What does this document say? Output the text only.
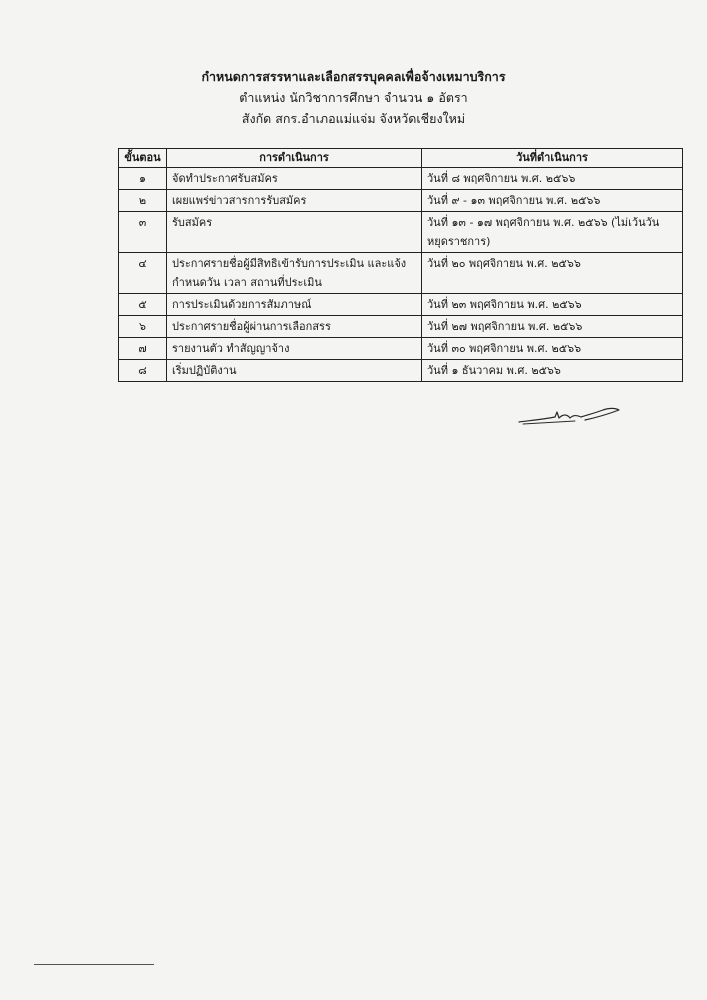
กำหนดการสรรหาและเลือกสรรบุคคลเพื่อจ้างเหมาบริการ
ตำแหน่ง นักวิชาการศึกษา จำนวน ๑ อัตรา
สังกัด สกร.อำเภอแม่แจ่ม จังหวัดเชียงใหม่
ขั้นตอน	การดำเนินการ	วันที่ดำเนินการ
๑	จัดทำประกาศรับสมัคร	วันที่ ๘ พฤศจิกายน พ.ศ. ๒๕๖๖
๒	เผยแพร่ข่าวสารการรับสมัคร	วันที่ ๙ - ๑๓ พฤศจิกายน พ.ศ. ๒๕๖๖
๓	รับสมัคร	วันที่ ๑๓ - ๑๗ พฤศจิกายน พ.ศ. ๒๕๖๖ (ไม่เว้นวันหยุดราชการ)
๔	ประกาศรายชื่อผู้มีสิทธิเข้ารับการประเมิน และแจ้งกำหนดวัน เวลา สถานที่ประเมิน	วันที่ ๒๐ พฤศจิกายน พ.ศ. ๒๕๖๖
๕	การประเมินด้วยการสัมภาษณ์	วันที่ ๒๓ พฤศจิกายน พ.ศ. ๒๕๖๖
๖	ประกาศรายชื่อผู้ผ่านการเลือกสรร	วันที่ ๒๗ พฤศจิกายน พ.ศ. ๒๕๖๖
๗	รายงานตัว ทำสัญญาจ้าง	วันที่ ๓๐ พฤศจิกายน พ.ศ. ๒๕๖๖
๘	เริ่มปฏิบัติงาน	วันที่ ๑ ธันวาคม พ.ศ. ๒๕๖๖
